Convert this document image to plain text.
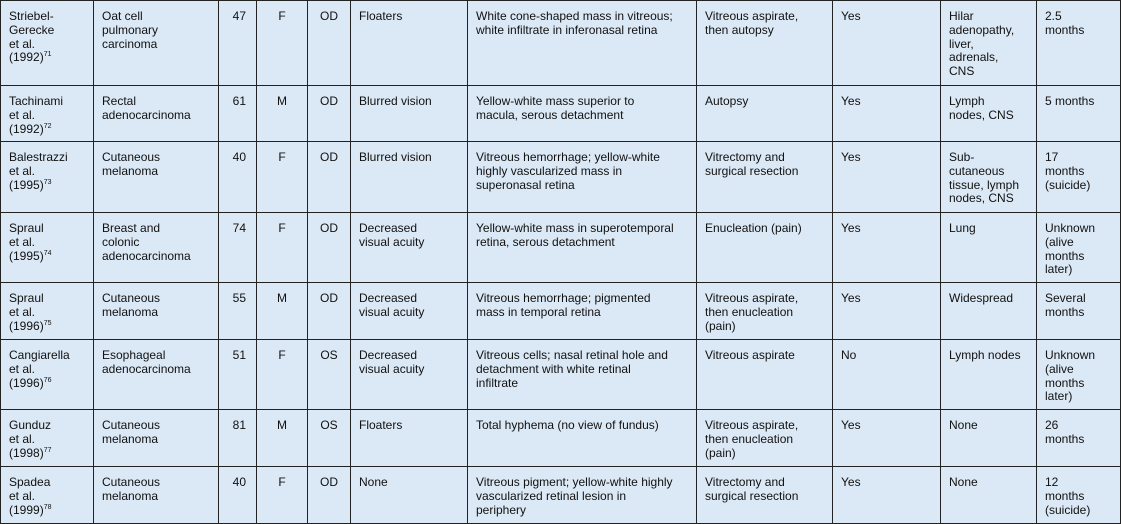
Striebel-
Gerecke
et al.
$(1992)^{71}$	Oat cell
pulmonary
carcinoma	47	F	OD	Floaters	White cone-shaped mass in vitreous;
white infiltrate in inferonasal retina	Vitreous aspirate,
then autopsy	Yes	Hilar
adenopathy,
liver,
adrenals,
CNS	2.5
months
Tachinami
et al.
$(1992)^{72}$	Rectal
adenocarcinoma	61	M	OD	Blurred vision	Yellow-white mass superior to
macula, serous detachment	Autopsy	Yes	Lymph
nodes, CNS	5 months
Balestrazzi
et al.
$(1995)^{73}$	Cutaneous
melanoma	40	F	OD	Blurred vision	Vitreous hemorrhage; yellow-white
highly vascularized mass in
superonasal retina	Vitrectomy and
surgical resection	Yes	Sub-
cutaneous
tissue, lymph
nodes, CNS	17
months
(suicide)
Spraul
et al.
$(1995)^{74}$	Breast and
colonic
adenocarcinoma	74	F	OD	Decreased
visual acuity	Yellow-white mass in superotemporal
retina, serous detachment	Enucleation (pain)	Yes	Lung	Unknown
(alive
months
later)
Spraul
et al.
$(1996)^{75}$	Cutaneous
melanoma	55	M	OD	Decreased
visual acuity	Vitreous hemorrhage; pigmented
mass in temporal retina	Vitreous aspirate,
then enucleation
(pain)	Yes	Widespread	Several
months
Cangiarella
et al.
$(1996)^{76}$	Esophageal
adenocarcinoma	51	F	OS	Decreased
visual acuity	Vitreous cells; nasal retinal hole and
detachment with white retinal
infiltrate	Vitreous aspirate	No	Lymph nodes	Unknown
(alive
months
later)
Gunduz
et al.
$(1998)^{77}$	Cutaneous
melanoma	81	M	OS	Floaters	Total hyphema (no view of fundus)	Vitreous aspirate,
then enucleation
(pain)	Yes	None	26
months
Spadea
et al.
$(1999)^{78}$	Cutaneous
melanoma	40	F	OD	None	Vitreous pigment; yellow-white highly
vascularized retinal lesion in
periphery	Vitrectomy and
surgical resection	Yes	None	12
months
(suicide)
